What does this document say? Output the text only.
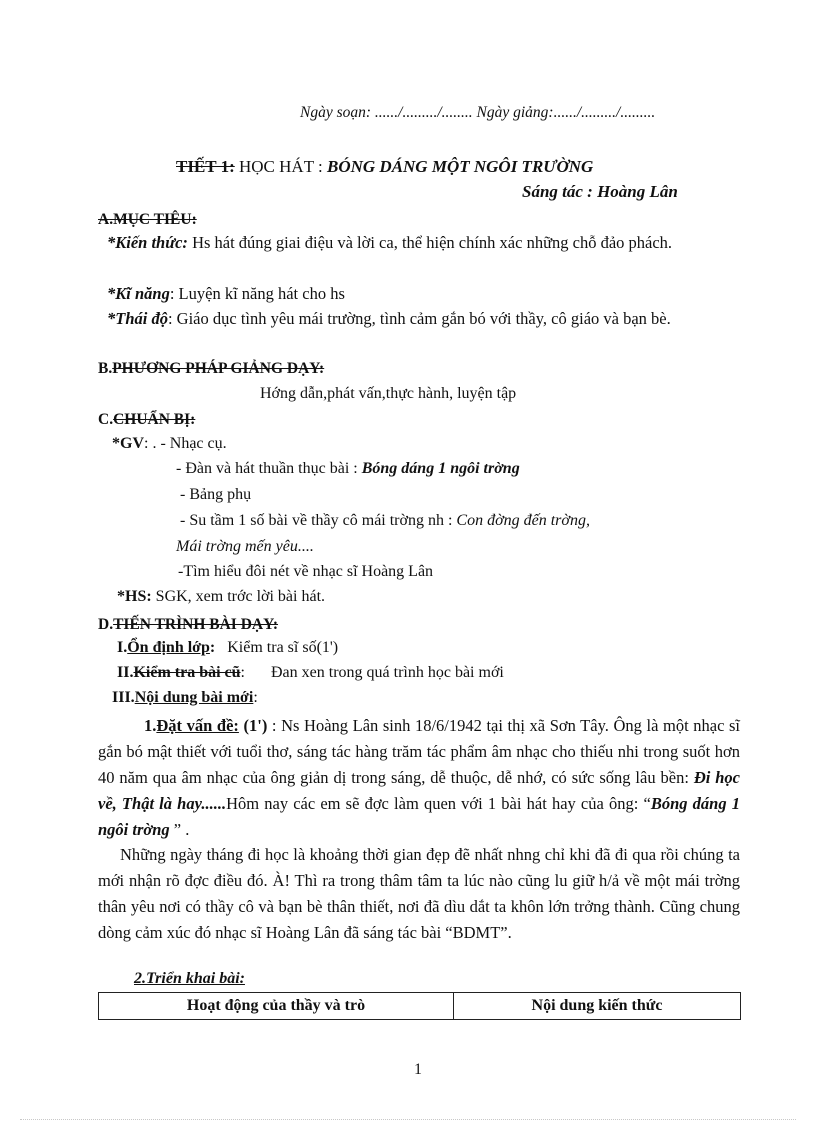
Ngày soạn: ....../........./........ Ngày giảng:....../........./.........
TIẾT 1: HỌC HÁT : BÓNG DÁNG MỘT NGÔI TRƯỜNG
Sáng tác : Hoàng Lân
A.MỤC TIÊU:
*Kiến thức: Hs hát đúng giai điệu và lời ca, thể hiện chính xác những chỗ đảo phách.
*Kĩ năng: Luyện kĩ năng hát cho hs
*Thái độ: Giáo dục tình yêu mái trường, tình cảm gắn bó với thầy, cô giáo và bạn bè.
B.PHƯƠNG PHÁP GIẢNG DẠY:
Hớng dẫn,phát vấn,thực hành, luyện tập
C.CHUẨN BỊ:
*GV: . - Nhạc cụ.
- Đàn và hát thuần thục bài : Bóng dáng 1 ngôi trờng
- Bảng phụ
- Su tầm 1 số bài về thầy cô mái trờng nh : Con đờng đến trờng,
Mái trờng mến yêu....
-Tìm hiểu đôi nét về nhạc sĩ Hoàng Lân
*HS: SGK, xem trớc lời bài hát.
D.TIẾN TRÌNH BÀI DẠY:
I.Ổn định lớp: Kiểm tra sĩ số(1')
II.Kiểm tra bài cũ: Đan xen trong quá trình học bài mới
III.Nội dung bài mới:
1.Đặt vấn đề: (1') : Ns Hoàng Lân sinh 18/6/1942 tại thị xã Sơn Tây. Ông là một nhạc sĩ gắn bó mật thiết với tuổi thơ, sáng tác hàng trăm tác phẩm âm nhạc cho thiếu nhi trong suốt hơn 40 năm qua âm nhạc của ông giản dị trong sáng, dễ thuộc, dễ nhớ, có sức sống lâu bền: Đi học về, Thật là hay......Hôm nay các em sẽ đợc làm quen với 1 bài hát hay của ông: “Bóng dáng 1 ngôi trờng ” .
Những ngày tháng đi học là khoảng thời gian đẹp đẽ nhất nhng chỉ khi đã đi qua rồi chúng ta mới nhận rõ đợc điều đó. À! Thì ra trong thâm tâm ta lúc nào cũng lu giữ h/ả về một mái trờng thân yêu nơi có thầy cô và bạn bè thân thiết, nơi đã dìu dắt ta khôn lớn trởng thành. Cũng chung dòng cảm xúc đó nhạc sĩ Hoàng Lân đã sáng tác bài “BDMT”.
2.Triển khai bài:
Hoạt động của thầy và trò	Nội dung kiến thức
1
